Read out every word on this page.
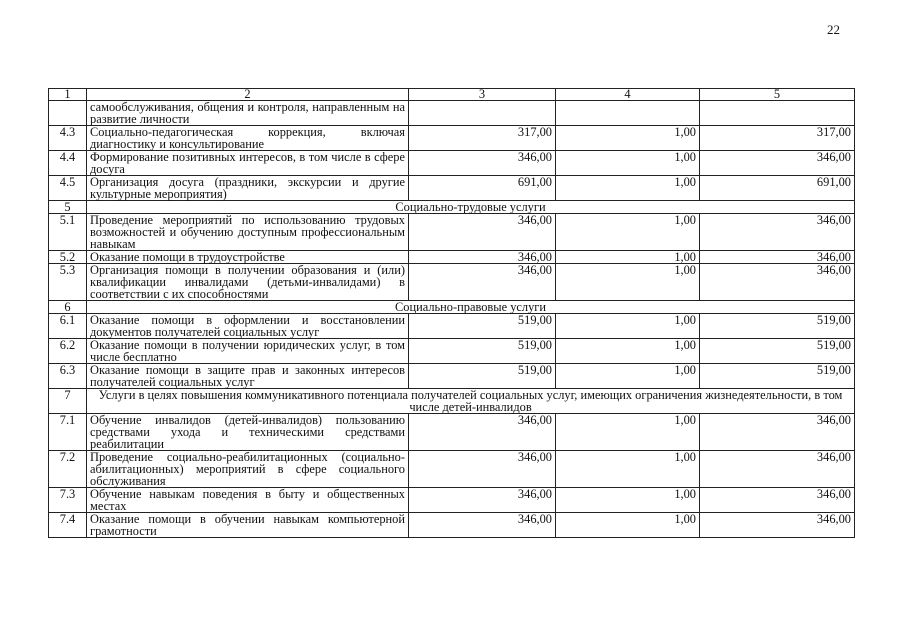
22
1	2	3	4	5
	самообслуживания, общения и контроля, направленным на развитие личности			
4.3	Социально-педагогическая коррекция, включая диагностику и консультирование	317,00	1,00	317,00
4.4	Формирование позитивных интересов, в том числе в сфере досуга	346,00	1,00	346,00
4.5	Организация досуга (праздники, экскурсии и другие культурные мероприятия)	691,00	1,00	691,00
5	Социально-трудовые услуги			
5.1	Проведение мероприятий по использованию трудовых возможностей и обучению доступным профессиональным навыкам	346,00	1,00	346,00
5.2	Оказание помощи в трудоустройстве	346,00	1,00	346,00
5.3	Организация помощи в получении образования и (или) квалификации инвалидами (детьми-инвалидами) в соответствии с их способностями	346,00	1,00	346,00
6	Социально-правовые услуги			
6.1	Оказание помощи в оформлении и восстановлении документов получателей социальных услуг	519,00	1,00	519,00
6.2	Оказание помощи в получении юридических услуг, в том числе бесплатно	519,00	1,00	519,00
6.3	Оказание помощи в защите прав и законных интересов получателей социальных услуг	519,00	1,00	519,00
7	Услуги в целях повышения коммуникативного потенциала получателей социальных услуг, имеющих ограничения жизнедеятельности, в том числе детей-инвалидов			
7.1	Обучение инвалидов (детей-инвалидов) пользованию средствами ухода и техническими средствами реабилитации	346,00	1,00	346,00
7.2	Проведение социально-реабилитационных (социально-абилитационных) мероприятий в сфере социального обслуживания	346,00	1,00	346,00
7.3	Обучение навыкам поведения в быту и общественных местах	346,00	1,00	346,00
7.4	Оказание помощи в обучении навыкам компьютерной грамотности	346,00	1,00	346,00
